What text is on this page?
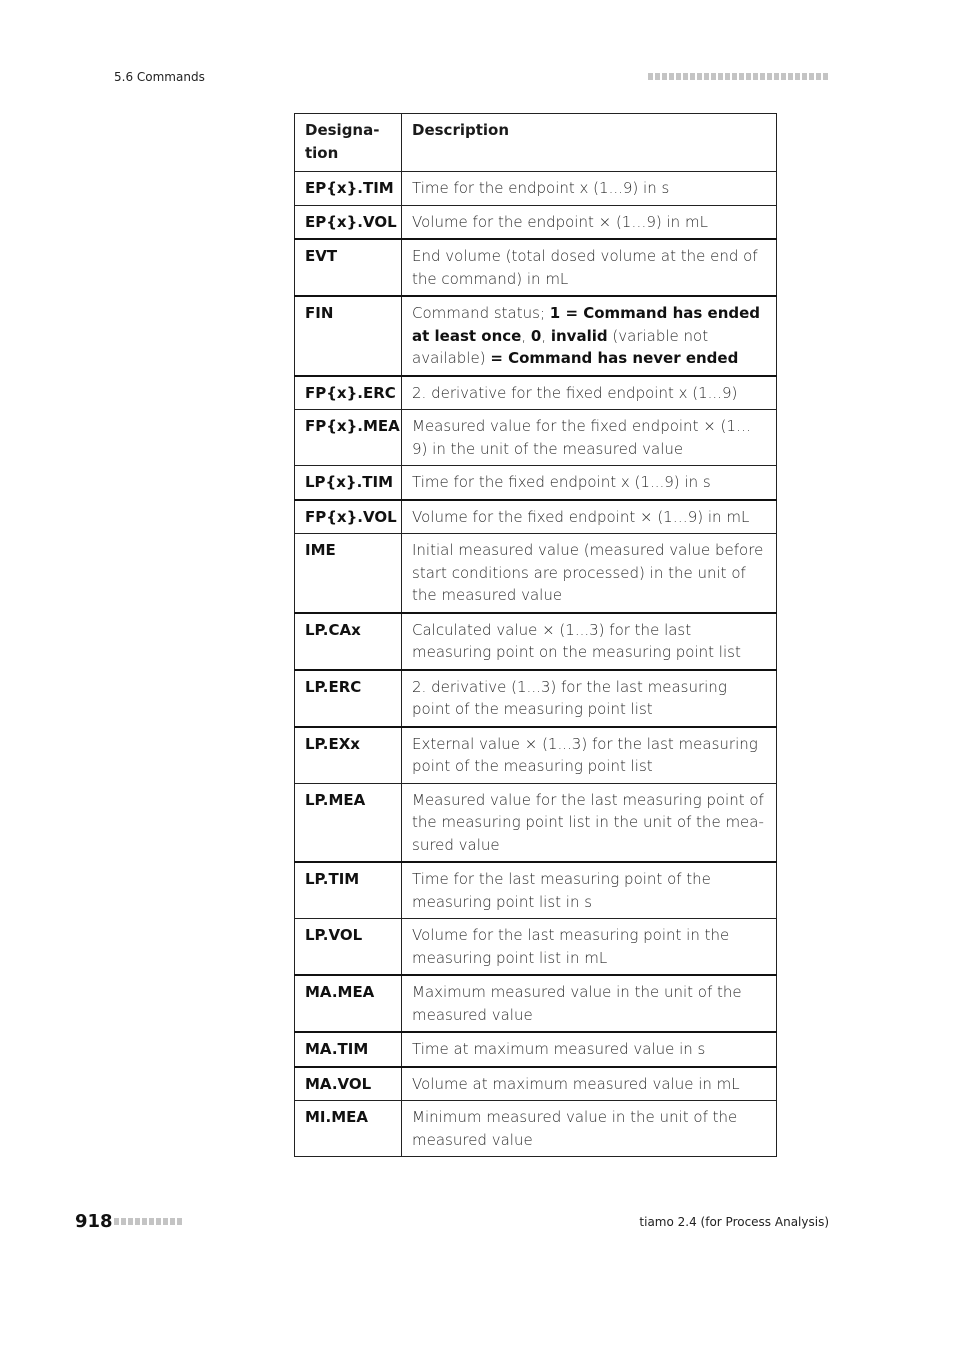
5.6 Commands
Designa-
tion	Description
EP{x}.TIM	Time for the endpoint x (1...9) in s
EP{x}.VOL	Volume for the endpoint × (1…9) in mL
EVT	End volume (total dosed volume at the end of the command) in mL
FIN	Command status; 1 = Command has ended at least once, 0, invalid (variable not available) = Command has never ended
FP{x}.ERC	2. derivative for the fixed endpoint x (1...9)
FP{x}.MEA	Measured value for the fixed endpoint × (1…9) in the unit of the measured value
LP{x}.TIM	Time for the fixed endpoint x (1...9) in s
FP{x}.VOL	Volume for the fixed endpoint × (1…9) in mL
IME	Initial measured value (measured value before start conditions are processed) in the unit of the measured value
LP.CAx	Calculated value × (1...3) for the last measuring point on the measuring point list
LP.ERC	2. derivative (1...3) for the last measuring point of the measuring point list
LP.EXx	External value × (1...3) for the last measuring point of the measuring point list
LP.MEA	Measured value for the last measuring point of the measuring point list in the unit of the measured value
LP.TIM	Time for the last measuring point of the measuring point list in s
LP.VOL	Volume for the last measuring point in the measuring point list in mL
MA.MEA	Maximum measured value in the unit of the measured value
MA.TIM	Time at maximum measured value in s
MA.VOL	Volume at maximum measured value in mL
MI.MEA	Minimum measured value in the unit of the measured value
918	tiamo 2.4 (for Process Analysis)
